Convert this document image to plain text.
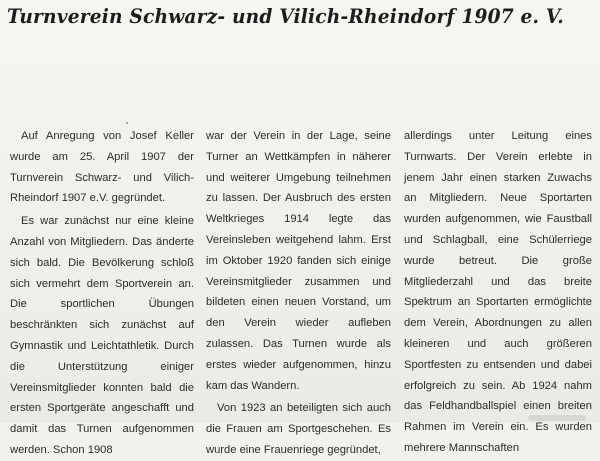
Turnverein Schwarz- und Vilich-Rheindorf 1907 e. V.

Auf Anregung von Josef Keller wurde am 25. April 1907 der Turnverein Schwarz- und Vilich-Rheindorf 1907 e.V. gegründet.

Es war zunächst nur eine kleine Anzahl von Mitgliedern. Das änderte sich bald. Die Bevölkerung schloß sich vermehrt dem Sportverein an. Die sportlichen Übungen beschränkten sich zunächst auf Gymnastik und Leichtathletik. Durch die Unterstützung einiger Vereinsmitglieder konnten bald die ersten Sportgeräte angeschafft und damit das Turnen aufgenommen werden. Schon 1908

war der Verein in der Lage, seine Turner an Wettkämpfen in näherer und weiterer Umgebung teilnehmen zu lassen. Der Ausbruch des ersten Weltkrieges 1914 legte das Vereinsleben weitgehend lahm. Erst im Oktober 1920 fanden sich einige Vereinsmitglieder zusammen und bildeten einen neuen Vorstand, um den Verein wieder aufleben zulassen. Das Turnen wurde als erstes wieder aufgenommen, hinzu kam das Wandern.

Von 1923 an beteiligten sich auch die Frauen am Sportgeschehen. Es wurde eine Frauenriege gegründet,

allerdings unter Leitung eines Turnwarts. Der Verein erlebte in jenem Jahr einen starken Zuwachs an Mitgliedern. Neue Sportarten wurden aufgenommen, wie Faustball und Schlagball, eine Schülerriege wurde betreut. Die große Mitgliederzahl und das breite Spektrum an Sportarten ermöglichte dem Verein, Abordnungen zu allen kleineren und auch größeren Sportfesten zu entsenden und dabei erfolgreich zu sein. Ab 1924 nahm das Feldhandballspiel einen breiten Rahmen im Verein ein. Es wurden mehrere Mannschaften
